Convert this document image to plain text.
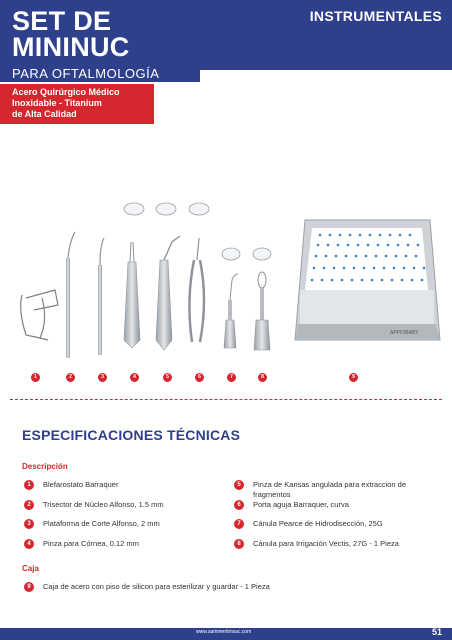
SET DE
MININUC
PARA OFTALMOLOGÍA
INSTRUMENTALES
Acero Quirúrgico Médico
Inoxidable - Titanium
de Alta Calidad
APPIOBABY
1	2	3	4	5	6	7	8	9
ESPECIFICACIONES TÉCNICAS
Descripción
1	Blefarostato Barraquer
2	Trisector de Núcleo Alfonso, 1.5 mm
3	Plataforma de Corte Alfonso, 2 mm
4	Pinza para Córnea, 0.12 mm
5	Pinza de Kansas angulada para extraccion de fragmentos
6	Porta aguja Barraquer, curva
7	Cánula Pearce de Hidrodisección, 25G
8	Cánula para Irrigación Vectis, 27G - 1 Pieza
Caja
9	Caja de acero con piso de silicon para esterilizar y guardar - 1 Pieza
www.sammertimsac.com	51
